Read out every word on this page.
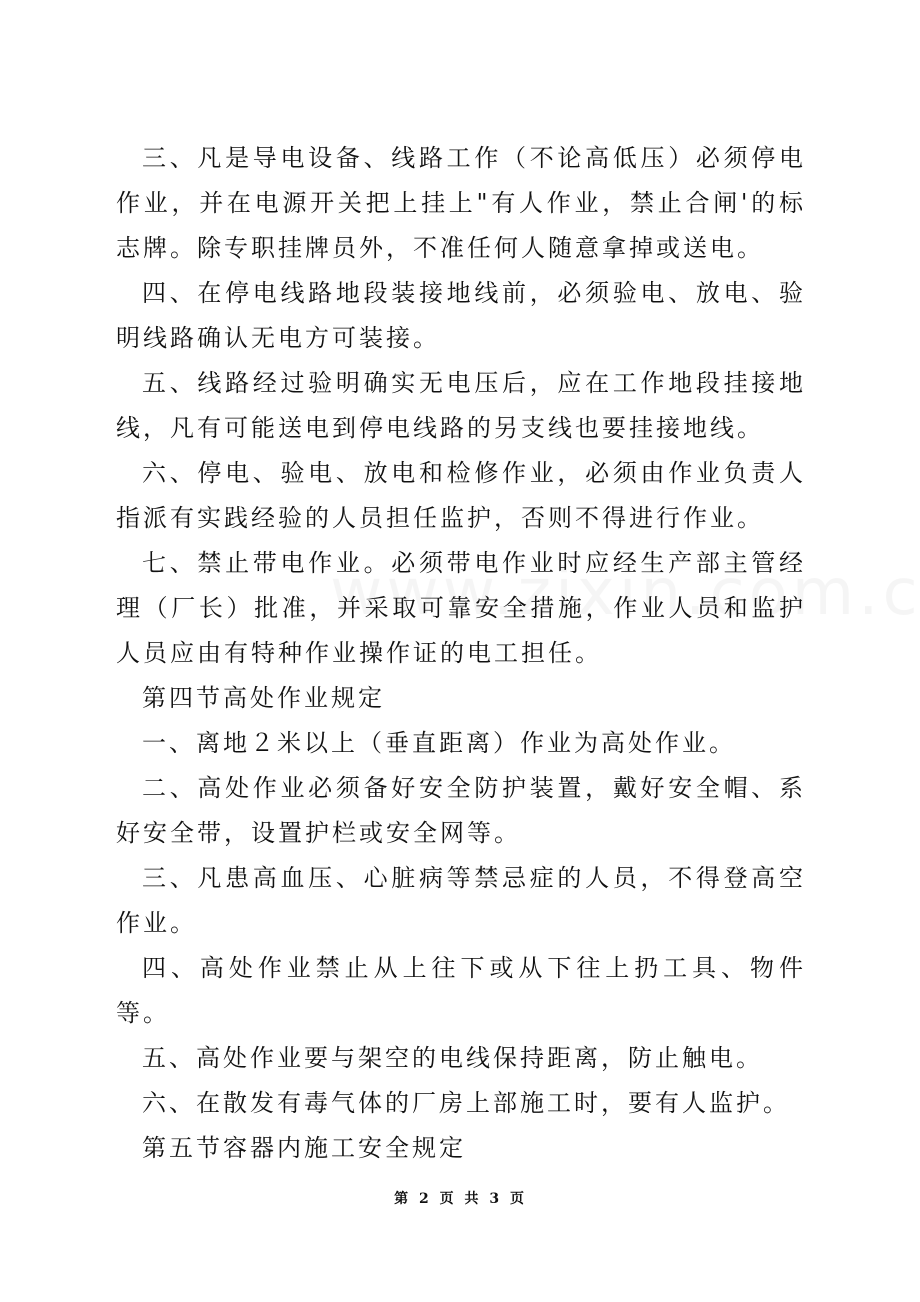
三、凡是导电设备、线路工作（不论高低压）必须停电作业，并在电源开关把上挂上"有人作业，禁止合闸'的标志牌。除专职挂牌员外，不准任何人随意拿掉或送电。

四、在停电线路地段装接地线前，必须验电、放电、验明线路确认无电方可装接。

五、线路经过验明确实无电压后，应在工作地段挂接地线，凡有可能送电到停电线路的另支线也要挂接地线。

六、停电、验电、放电和检修作业，必须由作业负责人指派有实践经验的人员担任监护，否则不得进行作业。

七、禁止带电作业。必须带电作业时应经生产部主管经理（厂长）批准，并采取可靠安全措施，作业人员和监护人员应由有特种作业操作证的电工担任。

第四节高处作业规定

一、离地２米以上（垂直距离）作业为高处作业。

二、高处作业必须备好安全防护装置，戴好安全帽、系好安全带，设置护栏或安全网等。

三、凡患高血压、心脏病等禁忌症的人员，不得登高空作业。

四、高处作业禁止从上往下或从下往上扔工具、物件等。

五、高处作业要与架空的电线保持距离，防止触电。

六、在散发有毒气体的厂房上部施工时，要有人监护。

第五节容器内施工安全规定

第 2 页 共 3 页
